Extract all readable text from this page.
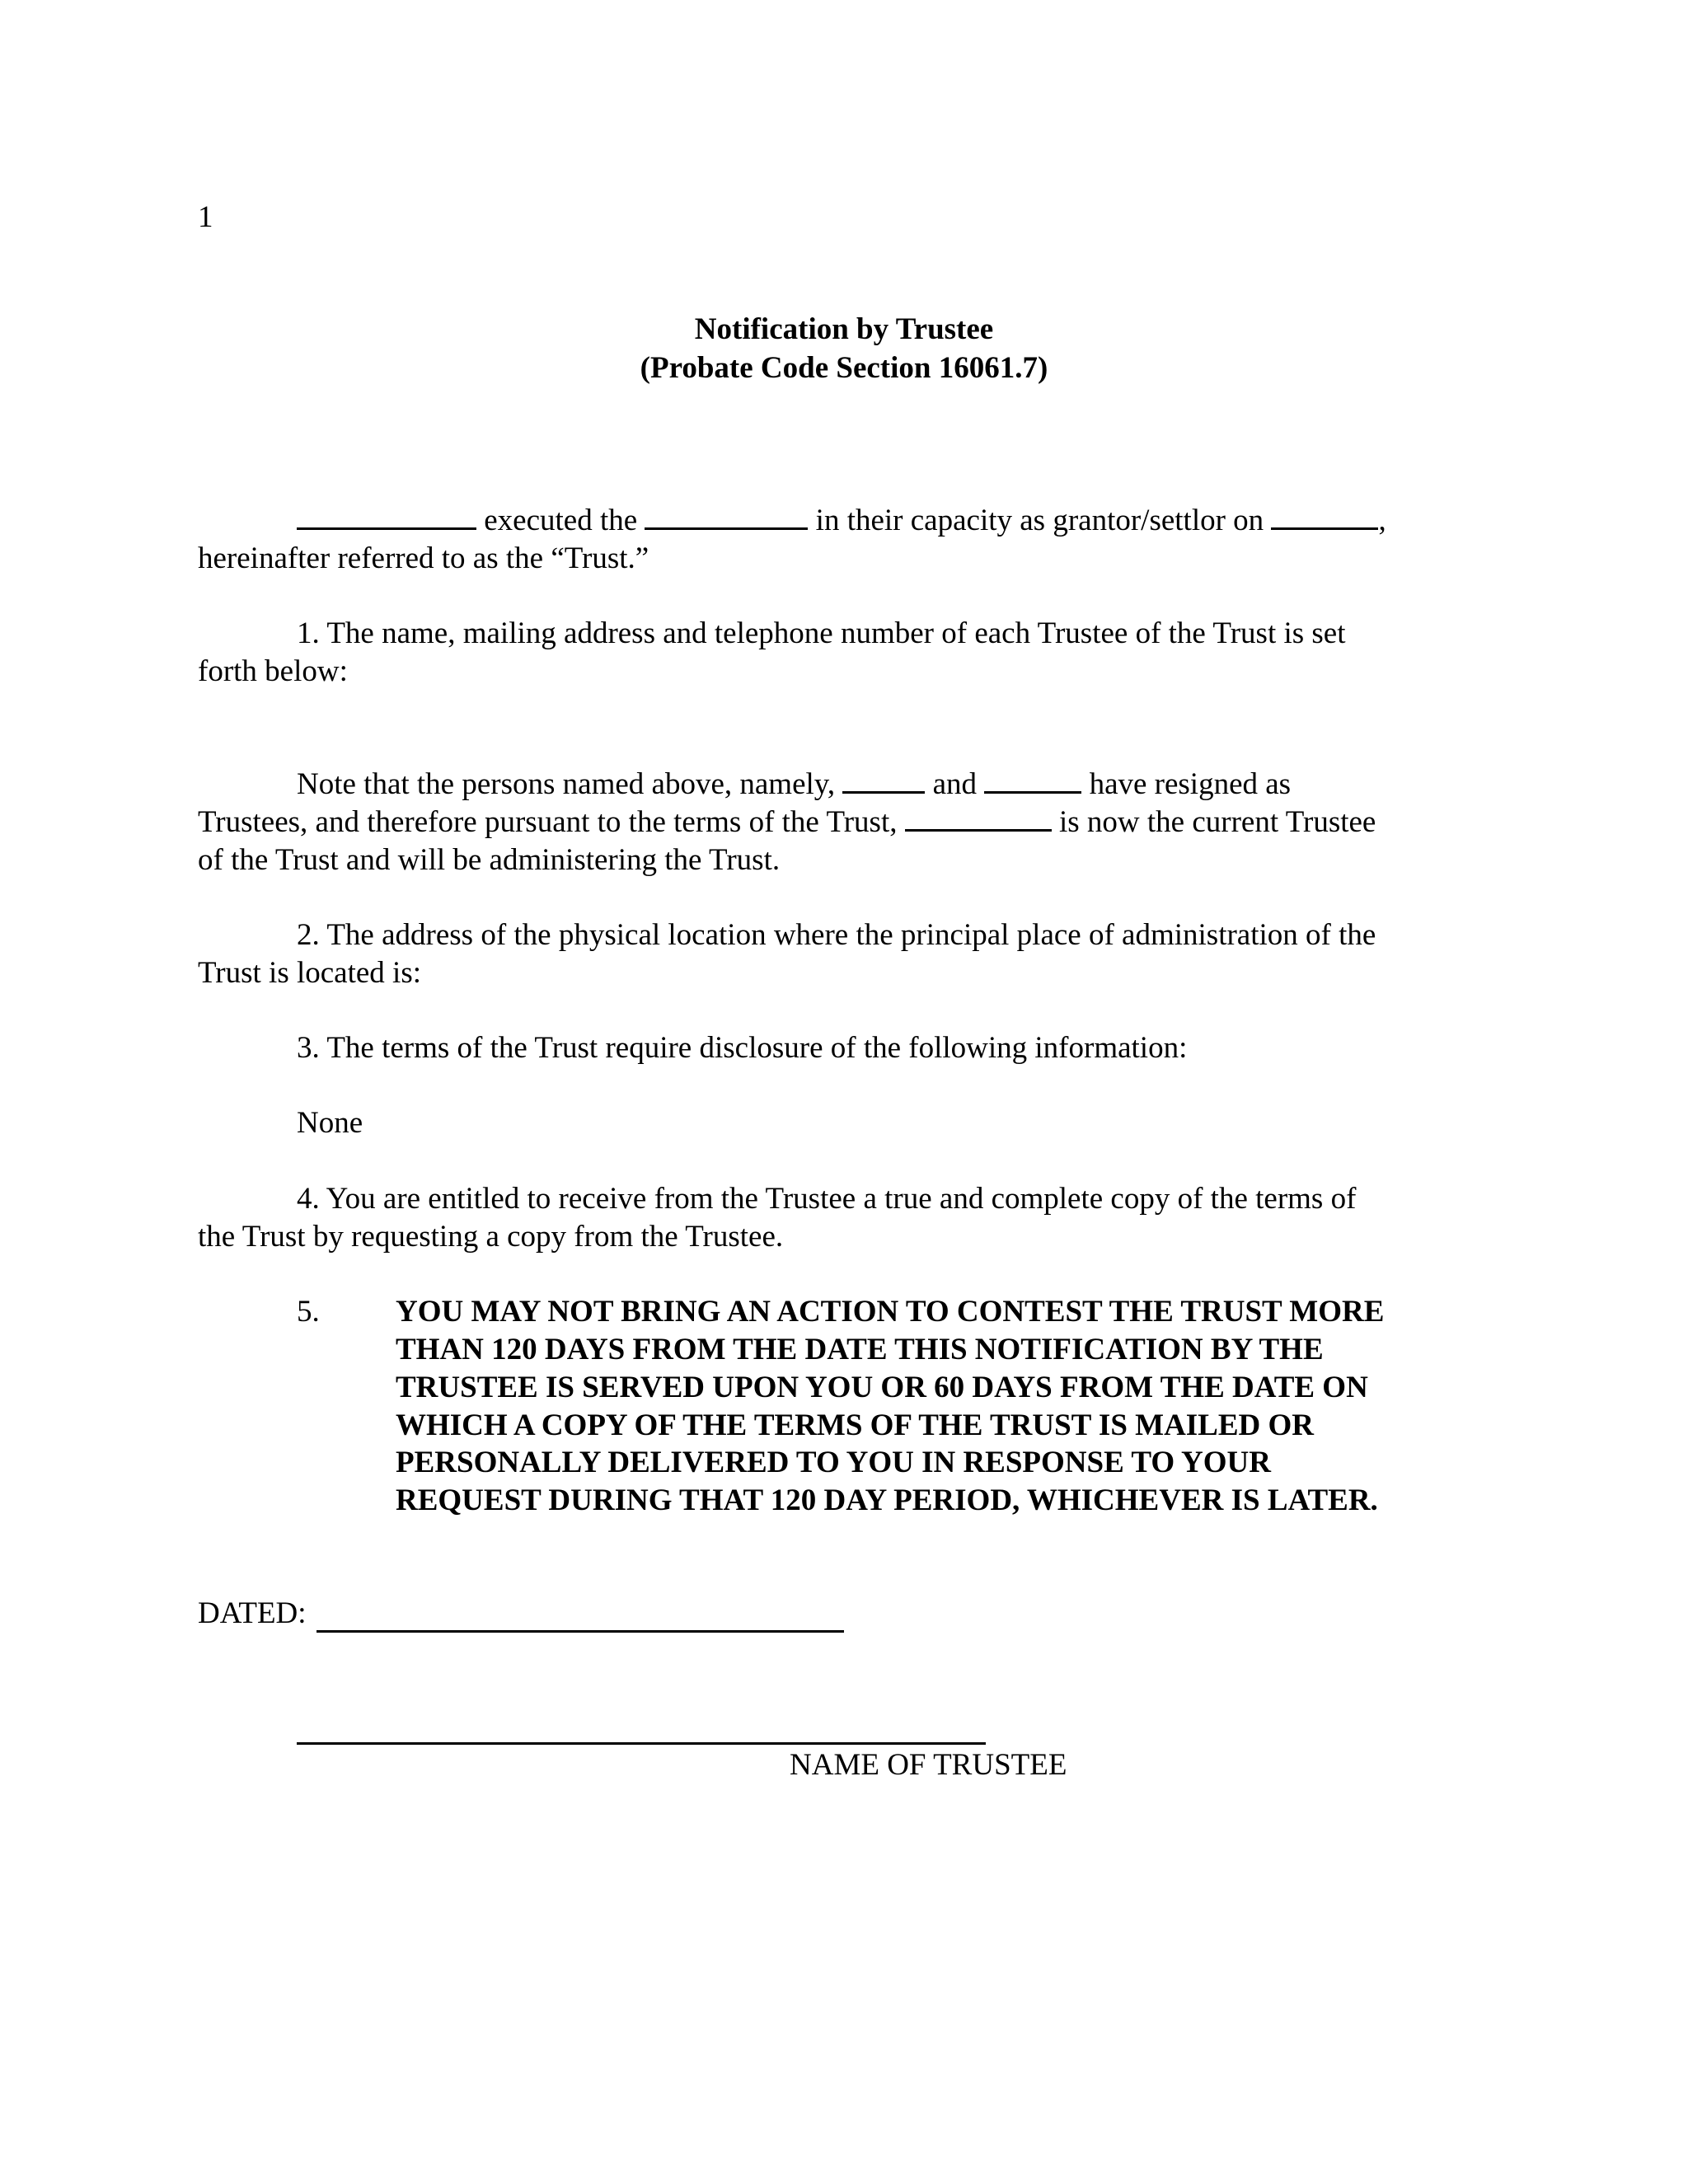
1
Notification by Trustee
(Probate Code Section 16061.7)
executed the	in their capacity as grantor/settlor on	,
hereinafter referred to as the “Trust.”
1. The name, mailing address and telephone number of each Trustee of the Trust is set
forth below:
Note that the persons named above, namely,	and	have resigned as
Trustees, and therefore pursuant to the terms of the Trust,	is now the current Trustee
of the Trust and will be administering the Trust.
2. The address of the physical location where the principal place of administration of the
Trust is located is:
3. The terms of the Trust require disclosure of the following information:
None
4. You are entitled to receive from the Trustee a true and complete copy of the terms of
the Trust by requesting a copy from the Trustee.
5. YOU MAY NOT BRING AN ACTION TO CONTEST THE TRUST MORE
THAN 120 DAYS FROM THE DATE THIS NOTIFICATION BY THE
TRUSTEE IS SERVED UPON YOU OR 60 DAYS FROM THE DATE ON
WHICH A COPY OF THE TERMS OF THE TRUST IS MAILED OR
PERSONALLY DELIVERED TO YOU IN RESPONSE TO YOUR
REQUEST DURING THAT 120 DAY PERIOD, WHICHEVER IS LATER.
DATED:
NAME OF TRUSTEE
